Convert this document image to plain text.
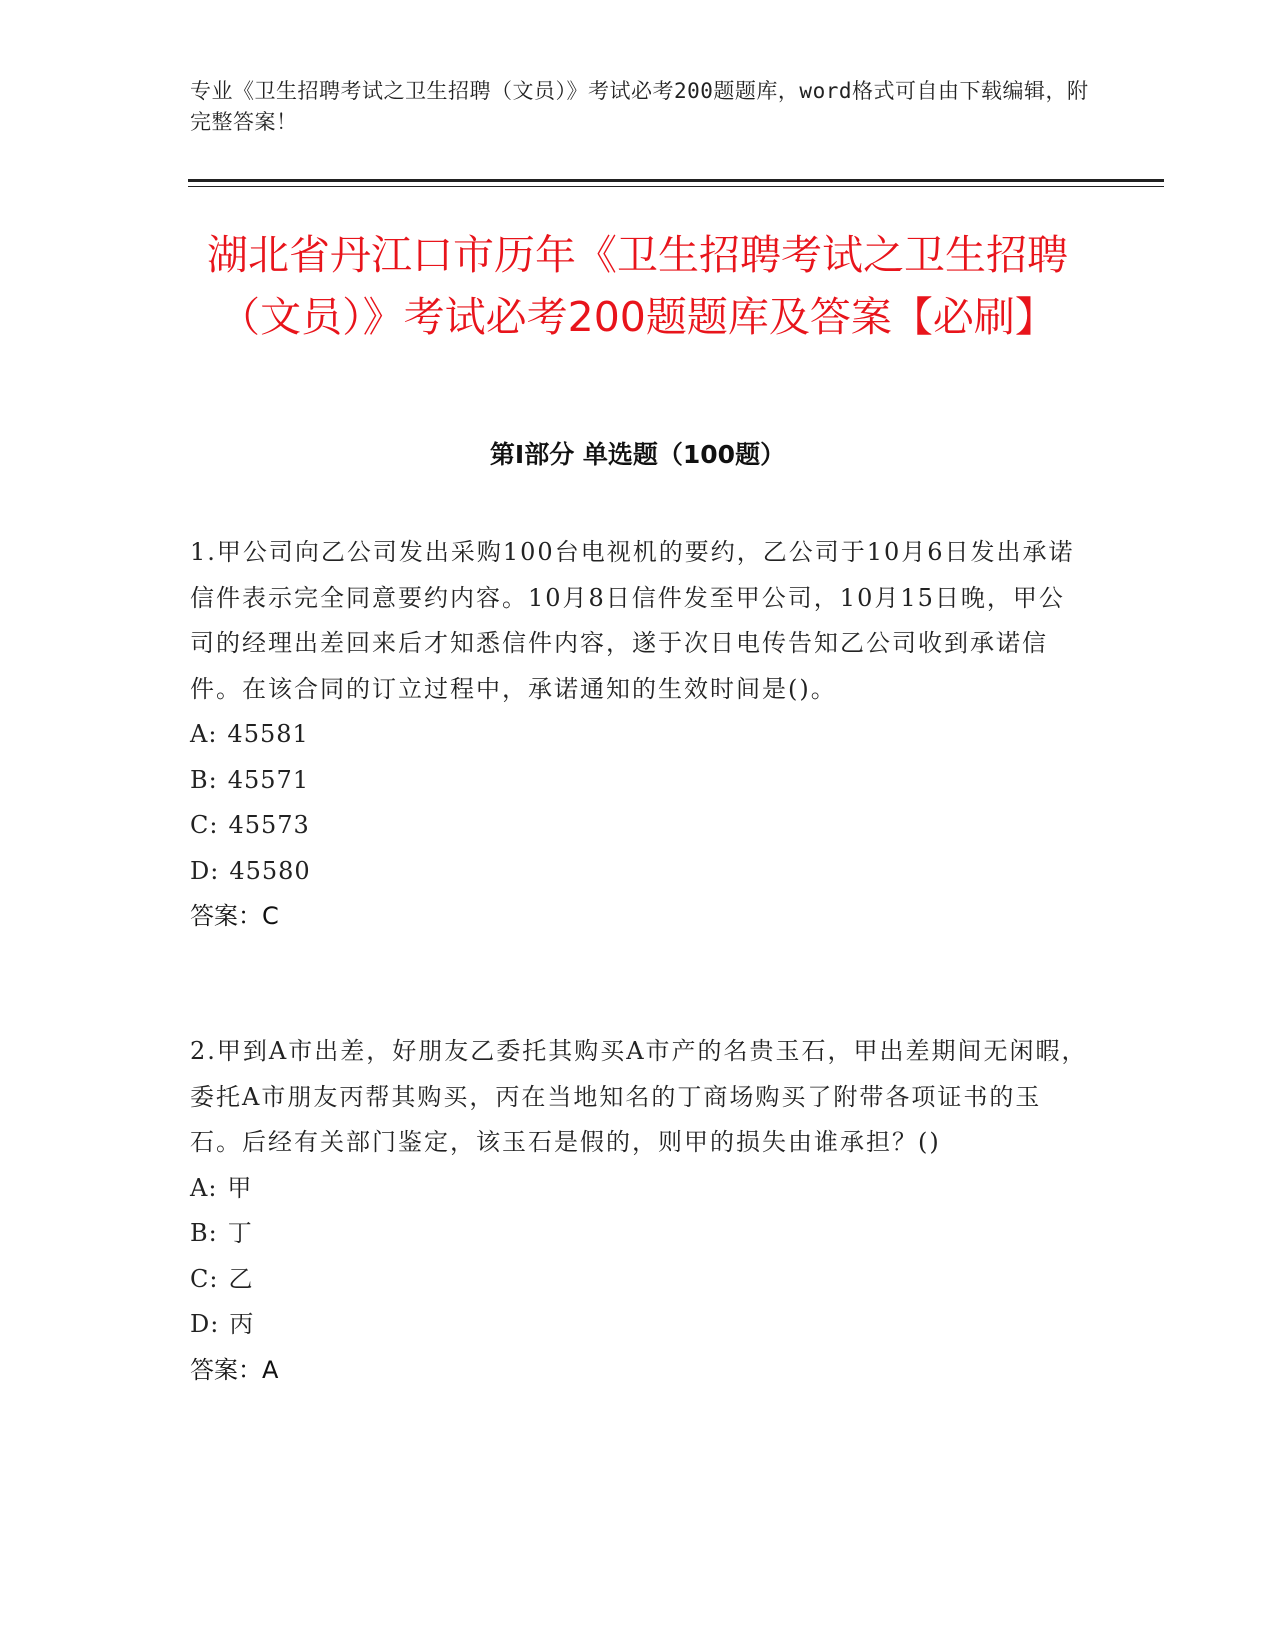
专业《卫生招聘考试之卫生招聘（文员）》考试必考200题题库，word格式可自由下载编辑，附完整答案！
湖北省丹江口市历年《卫生招聘考试之卫生招聘（文员）》考试必考200题题库及答案【必刷】
第I部分 单选题（100题）

1.甲公司向乙公司发出采购100台电视机的要约，乙公司于10月6日发出承诺信件表示完全同意要约内容。10月8日信件发至甲公司，10月15日晚，甲公司的经理出差回来后才知悉信件内容，遂于次日电传告知乙公司收到承诺信件。在该合同的订立过程中，承诺通知的生效时间是()。

A: 45581

B: 45571

C: 45573

D: 45580

答案：C

2.甲到A市出差，好朋友乙委托其购买A市产的名贵玉石，甲出差期间无闲暇，委托A市朋友丙帮其购买，丙在当地知名的丁商场购买了附带各项证书的玉石。后经有关部门鉴定，该玉石是假的，则甲的损失由谁承担？()

A: 甲

B: 丁

C: 乙

D: 丙

答案：A
